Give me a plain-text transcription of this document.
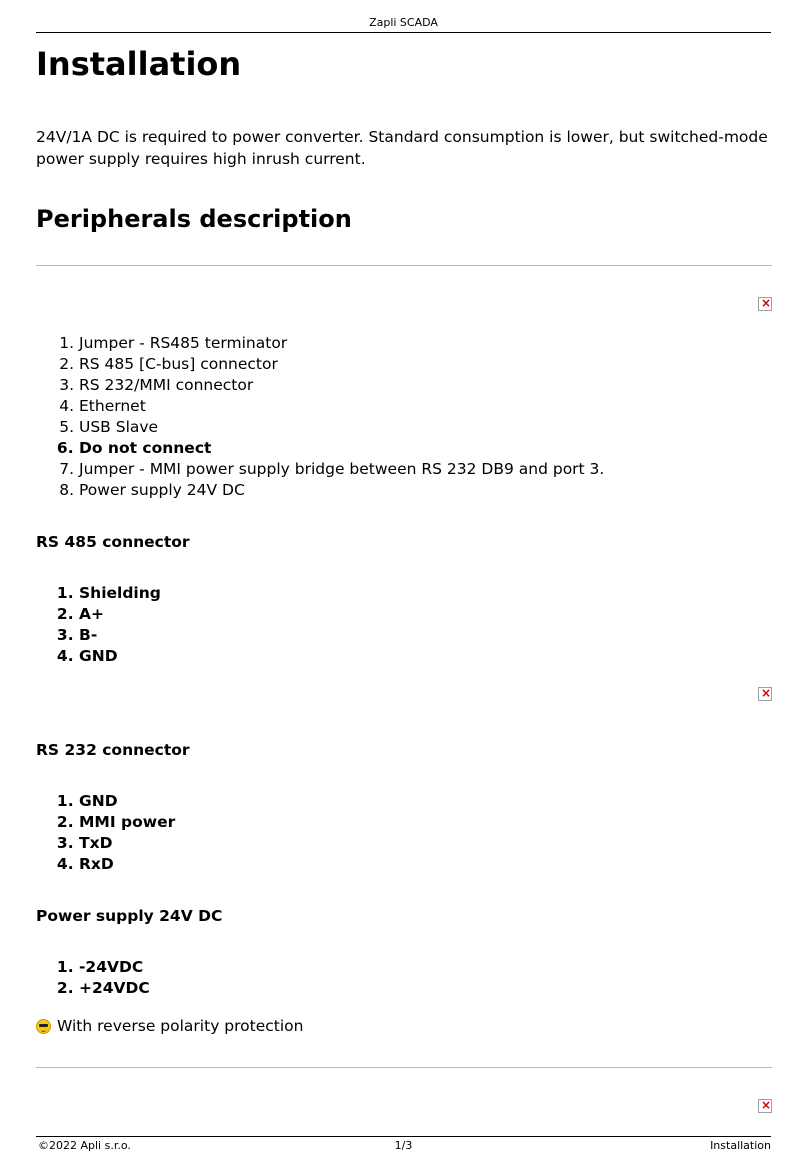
Zapli SCADA
Installation

24V/1A DC is required to power converter. Standard consumption is lower, but switched-mode power supply requires high inrush current.

Peripherals description
×
1. Jumper - RS485 terminator
2. RS 485 [C-bus] connector
3. RS 232/MMI connector
4. Ethernet
5. USB Slave
6. Do not connect
7. Jumper - MMI power supply bridge between RS 232 DB9 and port 3.
8. Power supply 24V DC
RS 485 connector
1. Shielding
2. A+
3. B-
4. GND
×
RS 232 connector
1. GND
2. MMI power
3. TxD
4. RxD
Power supply 24V DC
1. -24VDC
2. +24VDC
With reverse polarity protection
×
©2022 Apli s.r.o.	1/3	Installation
